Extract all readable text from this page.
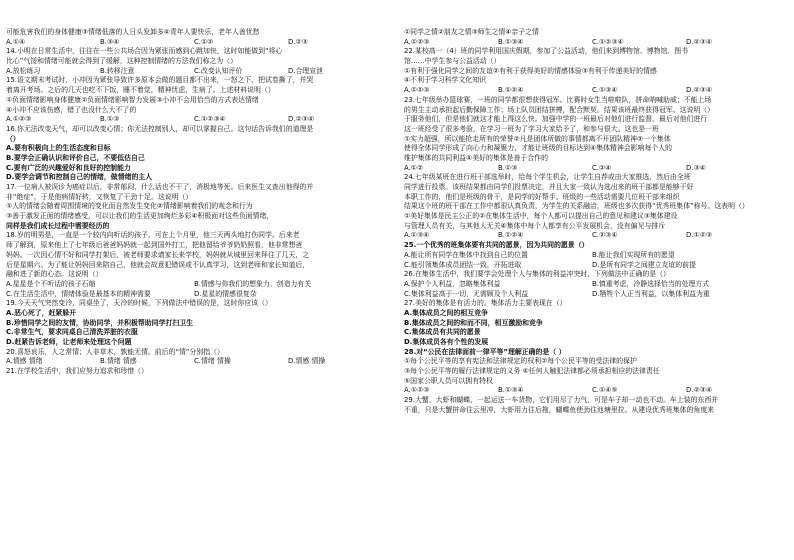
可能危害我们的身体健康③情绪低落的人日头发卸多④青年人要快乐，老年人善忧愁
A.①④	B.③④	C.①②	D.②③
14.小明在日常生活中，往往在一些公共场合因为紧张而感到心跳加快，这时如能做到“将心
比心”气馁和情绪可能就会得到了缓解，这种控制情绪的方法我们称之为（）
A.放松练习	B.转移注意	C.改变认知评价	D.合理宣泄
15.语文期末考试时，小冲因为紧张导致许多原本会做的题目都不出来，一怒之下，把试卷撕了，并哭
着离开考场。之后的几天也吃不下饭，睡不着觉，精神忧虑，生病了。上述材料说明（）
①负面情绪影响身体健康②负面情绪影响智力发展③小冲不会用恰当的方式表达情绪
④小冲不应该伤感，错了也没什么大不了的
A.①②③	B.①③	C.①②③④	D.②③④
16.你无法改变天气，却可以改变心情；你无法控制别人，却可以掌握自己。这句话告诉我们的道理是
（）
A.要有积极向上的生活态度和目标
B.要学会正确认识和评价自己，不要低估自己
C.要有广泛的兴趣爱好和良好的控制能力
D.要学会调节和控制自己的情绪，做情绪的主人
17.一位病人被误诊为癌症以后，非常郁闷，什么话也不干了，消极地等死。后来医生又查出他得的并
非“绝症”，于是他病情好转，又恢复了干劲十足。这说明（）
①人的情绪会随着周围情境的变化而自然发生变化②情绪影响着我们的观念和行为
③善于激发正面的情绪感受，可以让我们的生活更加绚烂多彩④积极面对这些负面情绪，
同样是我们成长过程中需要经历的
18.岁的明男是，一直是一个较内向听话的孩子，可在上个月里，他三天两头地打伤同学。后来老
师了解到，原来他上了七年级后爸爸妈妈就一起到国外打工，把他留给爷爷奶奶照看，他非常想爸
妈妈。一次因心情不好和同学打架后，被老师要求请家长来学校，妈妈就从城里回来拜往了几天，之
后是星期六。为了能让妈妈回来陪自己，他就会故意犯错误或不认真学习，这到老师和家长知道后，
融和进了新的心态。这说明（）
A.星星是个不听话的孩子石缩	B.情感与你我们的想象力、创造力有关
C.在生活生活中，情绪体验是最基本的精神需要	D.星星的情感很复杂
19.今天天气突然变冷，同桌坐了，天冷的时候，下列做法中错误的是，这时你应该（）
A.恶心死了，赶紧躲开
B.珍惜同学之间的友情，协助同学，并积极帮助同学打扫卫生
C.非常生气，要求同桌自己清洗弄脏的衣服
D.赶紧告诉老师，让老师来处理这个问题
20.喜怒哀乐，人之常情；人非草木，孰能无情。前后的“情”分别指（）
A.情感 情绪	B.情绪 情感	C.情绪 情操	D.情感 情操
21.在学校生活中，我们应努力追求和珍惜（）
①同学之情②朋友之情③师生之情④亲子之情
A.①②③	B.①③④	C.①②③④	D.②③④
22.某校高一（4）班的同学利用国庆假期，参加了公益活动，他们来到博物馆、博物馆、图书
馆……中学生参与公益活动（）
①有利于强化同学之间的友谊②有利于获得美好的情感体验③有利于传递美好的情感
④不利于学习科学文化知识
A.①②③	B.①②④	C.①③④	D.②③④
23.七年级举办篮球赛，一班的同学都很想获得冠军。比赛时女生当啦啦队，拼命呐喊助威；不能上场
的男生主动承担起后勤保障工作；场上队员团结拼搏，配合默契。结果该班最终获得冠军。这说明（）
于服务他们，但是他们就这才能上得这么快。加强中学的一班最后对他们进行监督，最后对他们进行
这一班经受了很多考验，在学习一班为了学习大家给予了，和参与很大。这也是一班
①实力超强，所以能抢走所有的荣誉②凡是团体所做的事情都离不开团队精神③一个集体
使得全体同学形成了向心力和凝聚力，才能让班级的目标达到④集体精神会影响每个人的
维护集体的共同利益④美好的集体是善于合作的
A.①②	B.①③	C.②④	D.③④
24.七年级某班在进行班干部选举时，给每个学生机会，让学生自荐或由大家推选，然后由全班
同学进行投票。该班结果都由同学们投票决定，并且大家一致认为选出来的班干部都是能够干好
本职工作的，他们是班级的骨干，是同学的好帮手。班级的一些活动需要几位班干部来组织
结果这个班的班干部在工作中都很认真负责，为学生的关系融洽，班级也多次获得“优秀班集体”称号。这表明（）
①美好集体是民主公正的②在集体生活中，每个人都可以提出自己的意见和建议③集体建设
与管理人员有关，与其他人无关④集体中每个人都享有公平发展机会，没有偏见与排斥
A.①③④	B.①②④	C.②③④	D.①②③
25.一个优秀的班集体要有共同的愿景，因为共同的愿景（）
A.能让所有同学在集体中找到自己的位置	B.能让我们实现所有的愿望
C.能引领集体成员团结一致，开拓进取	D.是所有同学之间建立友谊的前提
26.在集体生活中，我们要学会处理个人与集体的利益冲突时，下列做法中正确的是（）
A.保护个人利益，忽略集体利益	B.慎重考虑，冷静选择恰当的处理方式
C.集体利益高于一切，无需顾及个人利益	D.牺牲个人正当利益，以集体利益为重
27.美好的集体是有活力的。集体活力主要表现在（）
A.集体成员之间的相互竞争
B.集体成员之间的和而不同，相互激励和竞争
C.集体成员有共同的愿景
D.集体成员各有个性的发展
28.对“公民在法律面前一律平等”理解正确的是（ ）
①每个公民平等的享有宪法和法律规定的权利②每个公民平等的受法律的保护
③每个公民平等的履行法律规定的义务 ④任何人触犯法律都必须承担相应的法律责任
⑤国家公职人员可以拥有特权
A.①②③	B.①③④	C.①④⑤	D.②③④
29.大蟹、大虾和蝴蝶，一起运送一车货物，它们用尽了力气，可是车子却一动也不动。车上装的东西并
不重，只是大蟹拼命往云里冲，大虾用力往后拖，蝴蝶鱼使劲往池塘里拉。从建设优秀班集体的角度来
